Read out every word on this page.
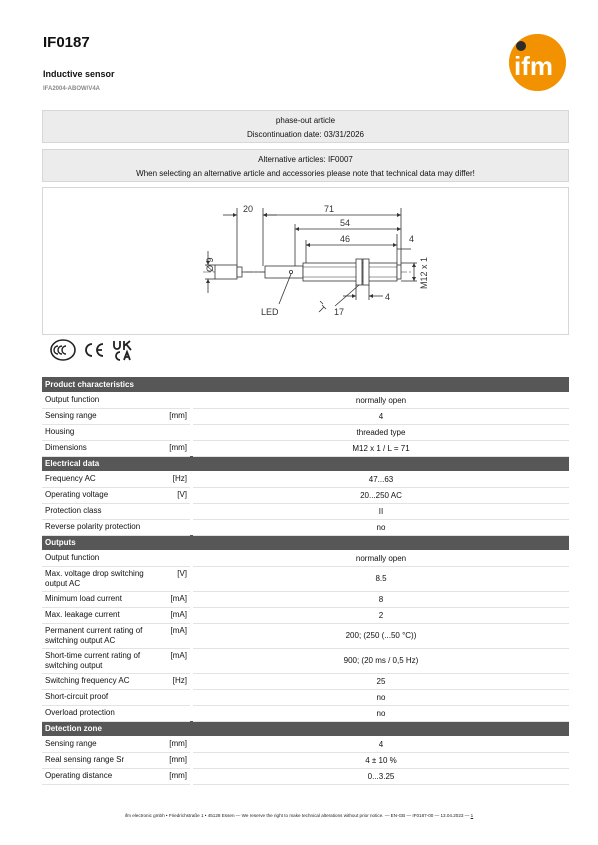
IF0187
Inductive sensor
IFA2004-ABOW/V4A
ifm
phase-out article
Discontinuation date: 03/31/2026
Alternative articles: IF0007
When selecting an alternative article and accessories please note that technical data may differ!
20	71
54
46	4
4
Ø 9	M12 x 1
LED	17
Product characteristics			
Output function			normally open
Sensing range	[mm]		4
Housing			threaded type
Dimensions	[mm]		M12 x 1 / L = 71
Electrical data			
Frequency AC	[Hz]		47...63
Operating voltage	[V]		20...250 AC
Protection class			II
Reverse polarity protection			no
Outputs			
Output function			normally open
Max. voltage drop switching output AC	[V]		8.5
Minimum load current	[mA]		8
Max. leakage current	[mA]		2
Permanent current rating of switching output AC	[mA]		200; (250 (...50 °C))
Short-time current rating of switching output	[mA]		900; (20 ms / 0,5 Hz)
Switching frequency AC	[Hz]		25
Short-circuit proof			no
Overload protection			no
Detection zone			
Sensing range	[mm]		4
Real sensing range Sr	[mm]		4 ± 10 %
Operating distance	[mm]		0...3.25
ifm electronic gmbh • Friedrichstraße 1 • 45128 Essen — We reserve the right to make technical alterations without prior notice. — EN-GB — IF0187-00 — 13.04.2023 — 1
